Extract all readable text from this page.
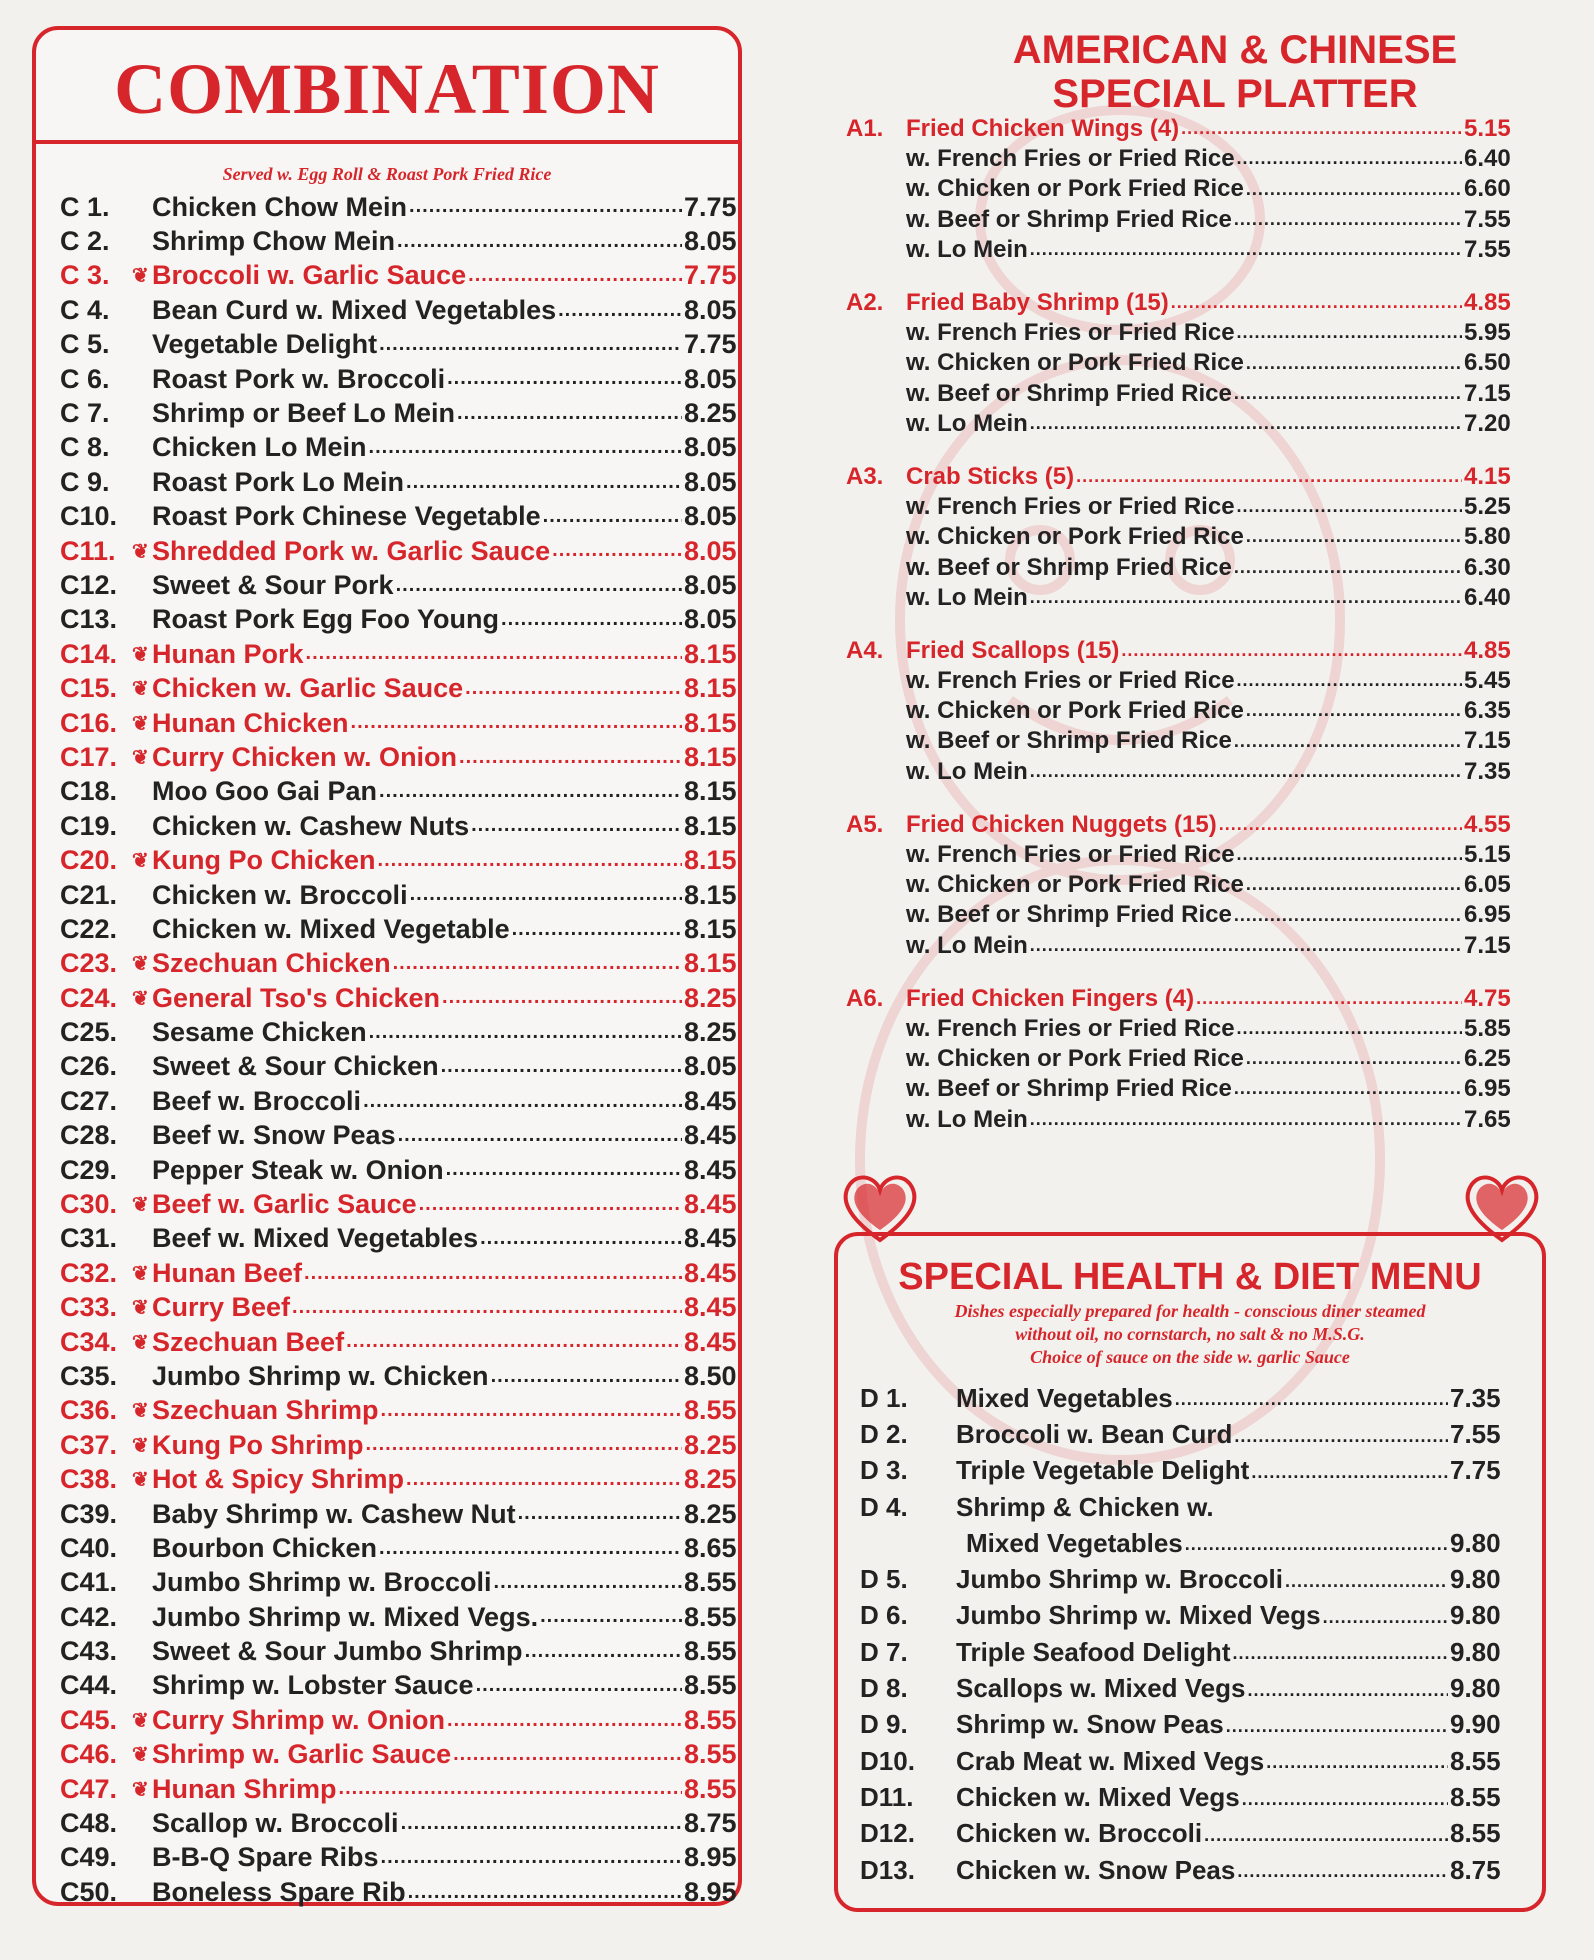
COMBINATION
Served w. Egg Roll & Roast Pork Fried Rice
C 1.	Chicken Chow Mein .....	7.75
C 2.	Shrimp Chow Mein .....	8.05
C 3.	❦ Broccoli w. Garlic Sauce .....	7.75
C 4.	Bean Curd w. Mixed Vegetables .....	8.05
C 5.	Vegetable Delight .....	7.75
C 6.	Roast Pork w. Broccoli .....	8.05
C 7.	Shrimp or Beef Lo Mein .....	8.25
C 8.	Chicken Lo Mein .....	8.05
C 9.	Roast Pork Lo Mein .....	8.05
C10.	Roast Pork Chinese Vegetable .....	8.05
C11. ❦ Shredded Pork w. Garlic Sauce .....	8.05
C12.	Sweet & Sour Pork .....	8.05
C13.	Roast Pork Egg Foo Young .....	8.05
C14. ❦ Hunan Pork .....	8.15
C15. ❦ Chicken w. Garlic Sauce .....	8.15
C16. ❦ Hunan Chicken .....	8.15
C17. ❦ Curry Chicken w. Onion .....	8.15
C18.	Moo Goo Gai Pan .....	8.15
C19.	Chicken w. Cashew Nuts .....	8.15
C20. ❦ Kung Po Chicken .....	8.15
C21.	Chicken w. Broccoli .....	8.15
C22.	Chicken w. Mixed Vegetable .....	8.15
C23. ❦ Szechuan Chicken .....	8.15
C24. ❦ General Tso's Chicken .....	8.25
C25.	Sesame Chicken .....	8.25
C26.	Sweet & Sour Chicken .....	8.05
C27.	Beef w. Broccoli .....	8.45
C28.	Beef w. Snow Peas .....	8.45
C29.	Pepper Steak w. Onion .....	8.45
C30. ❦ Beef w. Garlic Sauce .....	8.45
C31.	Beef w. Mixed Vegetables .....	8.45
C32. ❦ Hunan Beef .....	8.45
C33. ❦ Curry Beef .....	8.45
C34. ❦ Szechuan Beef .....	8.45
C35.	Jumbo Shrimp w. Chicken .....	8.50
C36. ❦ Szechuan Shrimp .....	8.55
C37. ❦ Kung Po Shrimp .....	8.25
C38. ❦ Hot & Spicy Shrimp .....	8.25
C39.	Baby Shrimp w. Cashew Nut .....	8.25
C40.	Bourbon Chicken .....	8.65
C41.	Jumbo Shrimp w. Broccoli .....	8.55
C42.	Jumbo Shrimp w. Mixed Vegs. .....	8.55
C43.	Sweet & Sour Jumbo Shrimp .....	8.55
C44.	Shrimp w. Lobster Sauce .....	8.55
C45. ❦ Curry Shrimp w. Onion .....	8.55
C46. ❦ Shrimp w. Garlic Sauce .....	8.55
C47. ❦ Hunan Shrimp .....	8.55
C48.	Scallop w. Broccoli .....	8.75
C49.	B-B-Q Spare Ribs .....	8.95
C50.	Boneless Spare Rib .....	8.95
AMERICAN & CHINESE
SPECIAL PLATTER
A1. Fried Chicken Wings (4) .....	5.15
w. French Fries or Fried Rice .....	6.40
w. Chicken or Pork Fried Rice .....	6.60
w. Beef or Shrimp Fried Rice .....	7.55
w. Lo Mein .....	7.55
A2. Fried Baby Shrimp (15) .....	4.85
w. French Fries or Fried Rice .....	5.95
w. Chicken or Pork Fried Rice .....	6.50
w. Beef or Shrimp Fried Rice .....	7.15
w. Lo Mein .....	7.20
A3. Crab Sticks (5) .....	4.15
w. French Fries or Fried Rice .....	5.25
w. Chicken or Pork Fried Rice .....	5.80
w. Beef or Shrimp Fried Rice .....	6.30
w. Lo Mein .....	6.40
A4. Fried Scallops (15) .....	4.85
w. French Fries or Fried Rice .....	5.45
w. Chicken or Pork Fried Rice .....	6.35
w. Beef or Shrimp Fried Rice .....	7.15
w. Lo Mein .....	7.35
A5. Fried Chicken Nuggets (15) .....	4.55
w. French Fries or Fried Rice .....	5.15
w. Chicken or Pork Fried Rice .....	6.05
w. Beef or Shrimp Fried Rice .....	6.95
w. Lo Mein .....	7.15
A6. Fried Chicken Fingers (4) .....	4.75
w. French Fries or Fried Rice .....	5.85
w. Chicken or Pork Fried Rice .....	6.25
w. Beef or Shrimp Fried Rice .....	6.95
w. Lo Mein .....	7.65
SPECIAL HEALTH & DIET MENU
Dishes especially prepared for health - conscious diner steamed
without oil, no cornstarch, no salt & no M.S.G.
Choice of sauce on the side w. garlic Sauce
D 1.	Mixed Vegetables .....	7.35
D 2.	Broccoli w. Bean Curd .....	7.55
D 3.	Triple Vegetable Delight .....	7.75
D 4.	Shrimp & Chicken w.
Mixed Vegetables .....	9.80
D 5.	Jumbo Shrimp w. Broccoli .....	9.80
D 6.	Jumbo Shrimp w. Mixed Vegs .....	9.80
D 7.	Triple Seafood Delight .....	9.80
D 8.	Scallops w. Mixed Vegs .....	9.80
D 9.	Shrimp w. Snow Peas .....	9.90
D10.	Crab Meat w. Mixed Vegs .....	8.55
D11.	Chicken w. Mixed Vegs .....	8.55
D12.	Chicken w. Broccoli .....	8.55
D13.	Chicken w. Snow Peas .....	8.75
